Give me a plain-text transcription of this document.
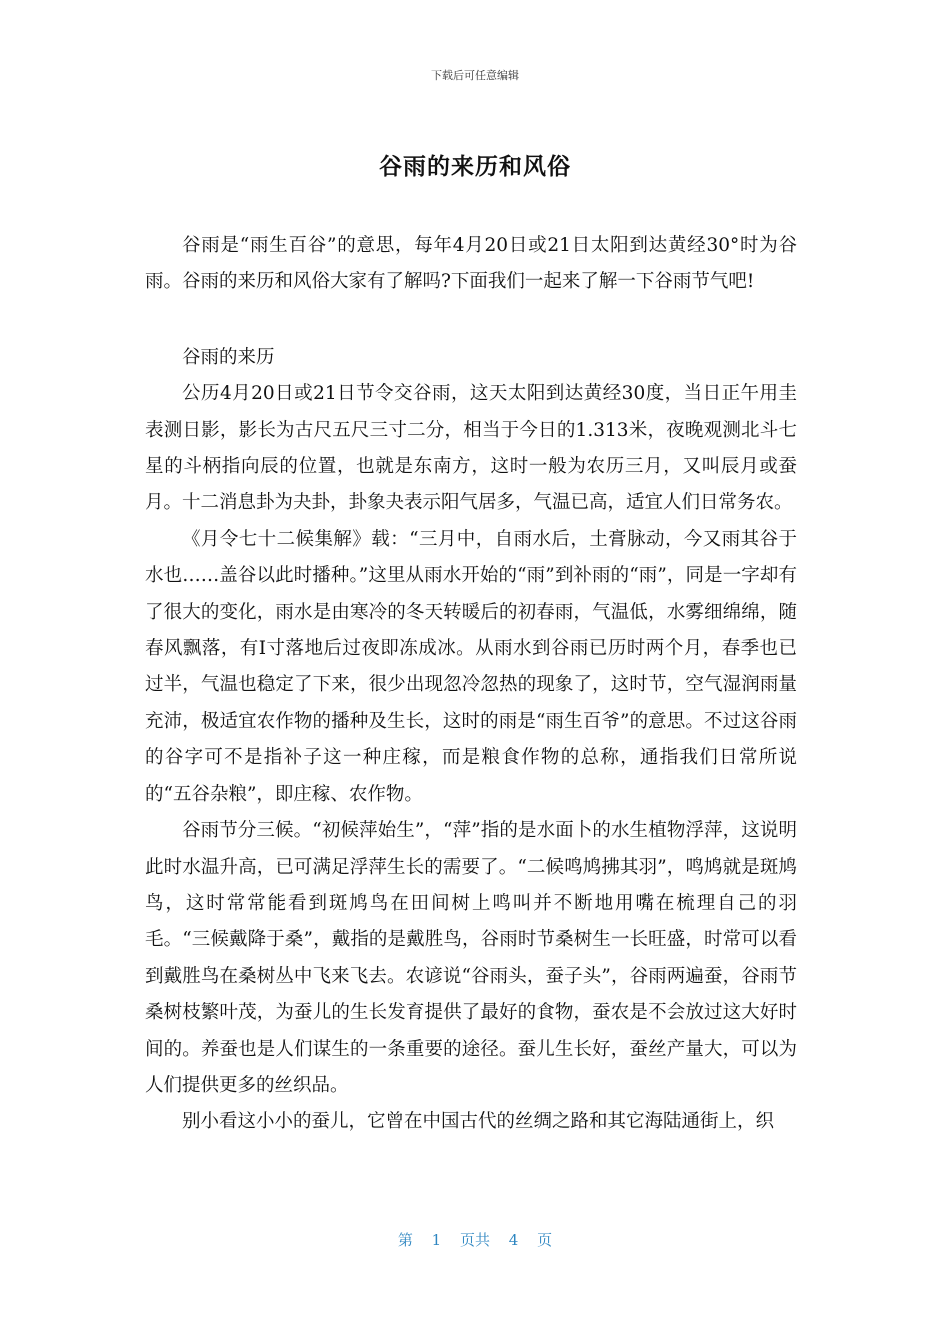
下载后可任意编辑
谷雨的来历和风俗

谷雨是“雨生百谷”的意思，每年4月20日或21日太阳到达黄经30°时为谷雨。谷雨的来历和风俗大家有了解吗?下面我们一起来了解一下谷雨节气吧!

谷雨的来历

公历4月20日或21日节令交谷雨，这天太阳到达黄经30度，当日正午用圭表测日影，影长为古尺五尺三寸二分，相当于今日的1.313米，夜晚观测北斗七星的斗柄指向辰的位置，也就是东南方，这时一般为农历三月，又叫辰月或蚕月。十二消息卦为夬卦，卦象夬表示阳气居多，气温已高，适宜人们日常务农。

《月令七十二候集解》载：“三月中，自雨水后，土膏脉动，今又雨其谷于水也……盖谷以此时播种。”这里从雨水开始的“雨”到补雨的“雨”，同是一字却有了很大的变化，雨水是由寒冷的冬天转暖后的初春雨，气温低，水雾细绵绵，随春风飘落，有I寸落地后过夜即冻成冰。从雨水到谷雨已历时两个月，春季也已过半，气温也稳定了下来，很少出现忽冷忽热的现象了，这时节，空气湿润雨量充沛，极适宜农作物的播种及生长，这时的雨是“雨生百爷”的意思。不过这谷雨的谷字可不是指补子这一种庄稼，而是粮食作物的总称，通指我们日常所说的“五谷杂粮”，即庄稼、农作物。

谷雨节分三候。“初候萍始生”，“萍”指的是水面卜的水生植物浮萍，这说明此时水温升高，已可满足浮萍生长的需要了。“二候鸣鸠拂其羽”，鸣鸠就是斑鸠鸟，这时常常能看到斑鸠鸟在田间树上鸣叫并不断地用嘴在梳理自己的羽毛。“三候戴降于桑”，戴指的是戴胜鸟，谷雨时节桑树生一长旺盛，时常可以看到戴胜鸟在桑树丛中飞来飞去。农谚说“谷雨头，蚕子头”，谷雨两遍蚕，谷雨节桑树枝繁叶茂，为蚕儿的生长发育提供了最好的食物，蚕农是不会放过这大好时间的。养蚕也是人们谋生的一条重要的途径。蚕儿生长好，蚕丝产量大，可以为人们提供更多的丝织品。

别小看这小小的蚕儿，它曾在中国古代的丝绸之路和其它海陆通街上，织

第 1 页共 4 页
